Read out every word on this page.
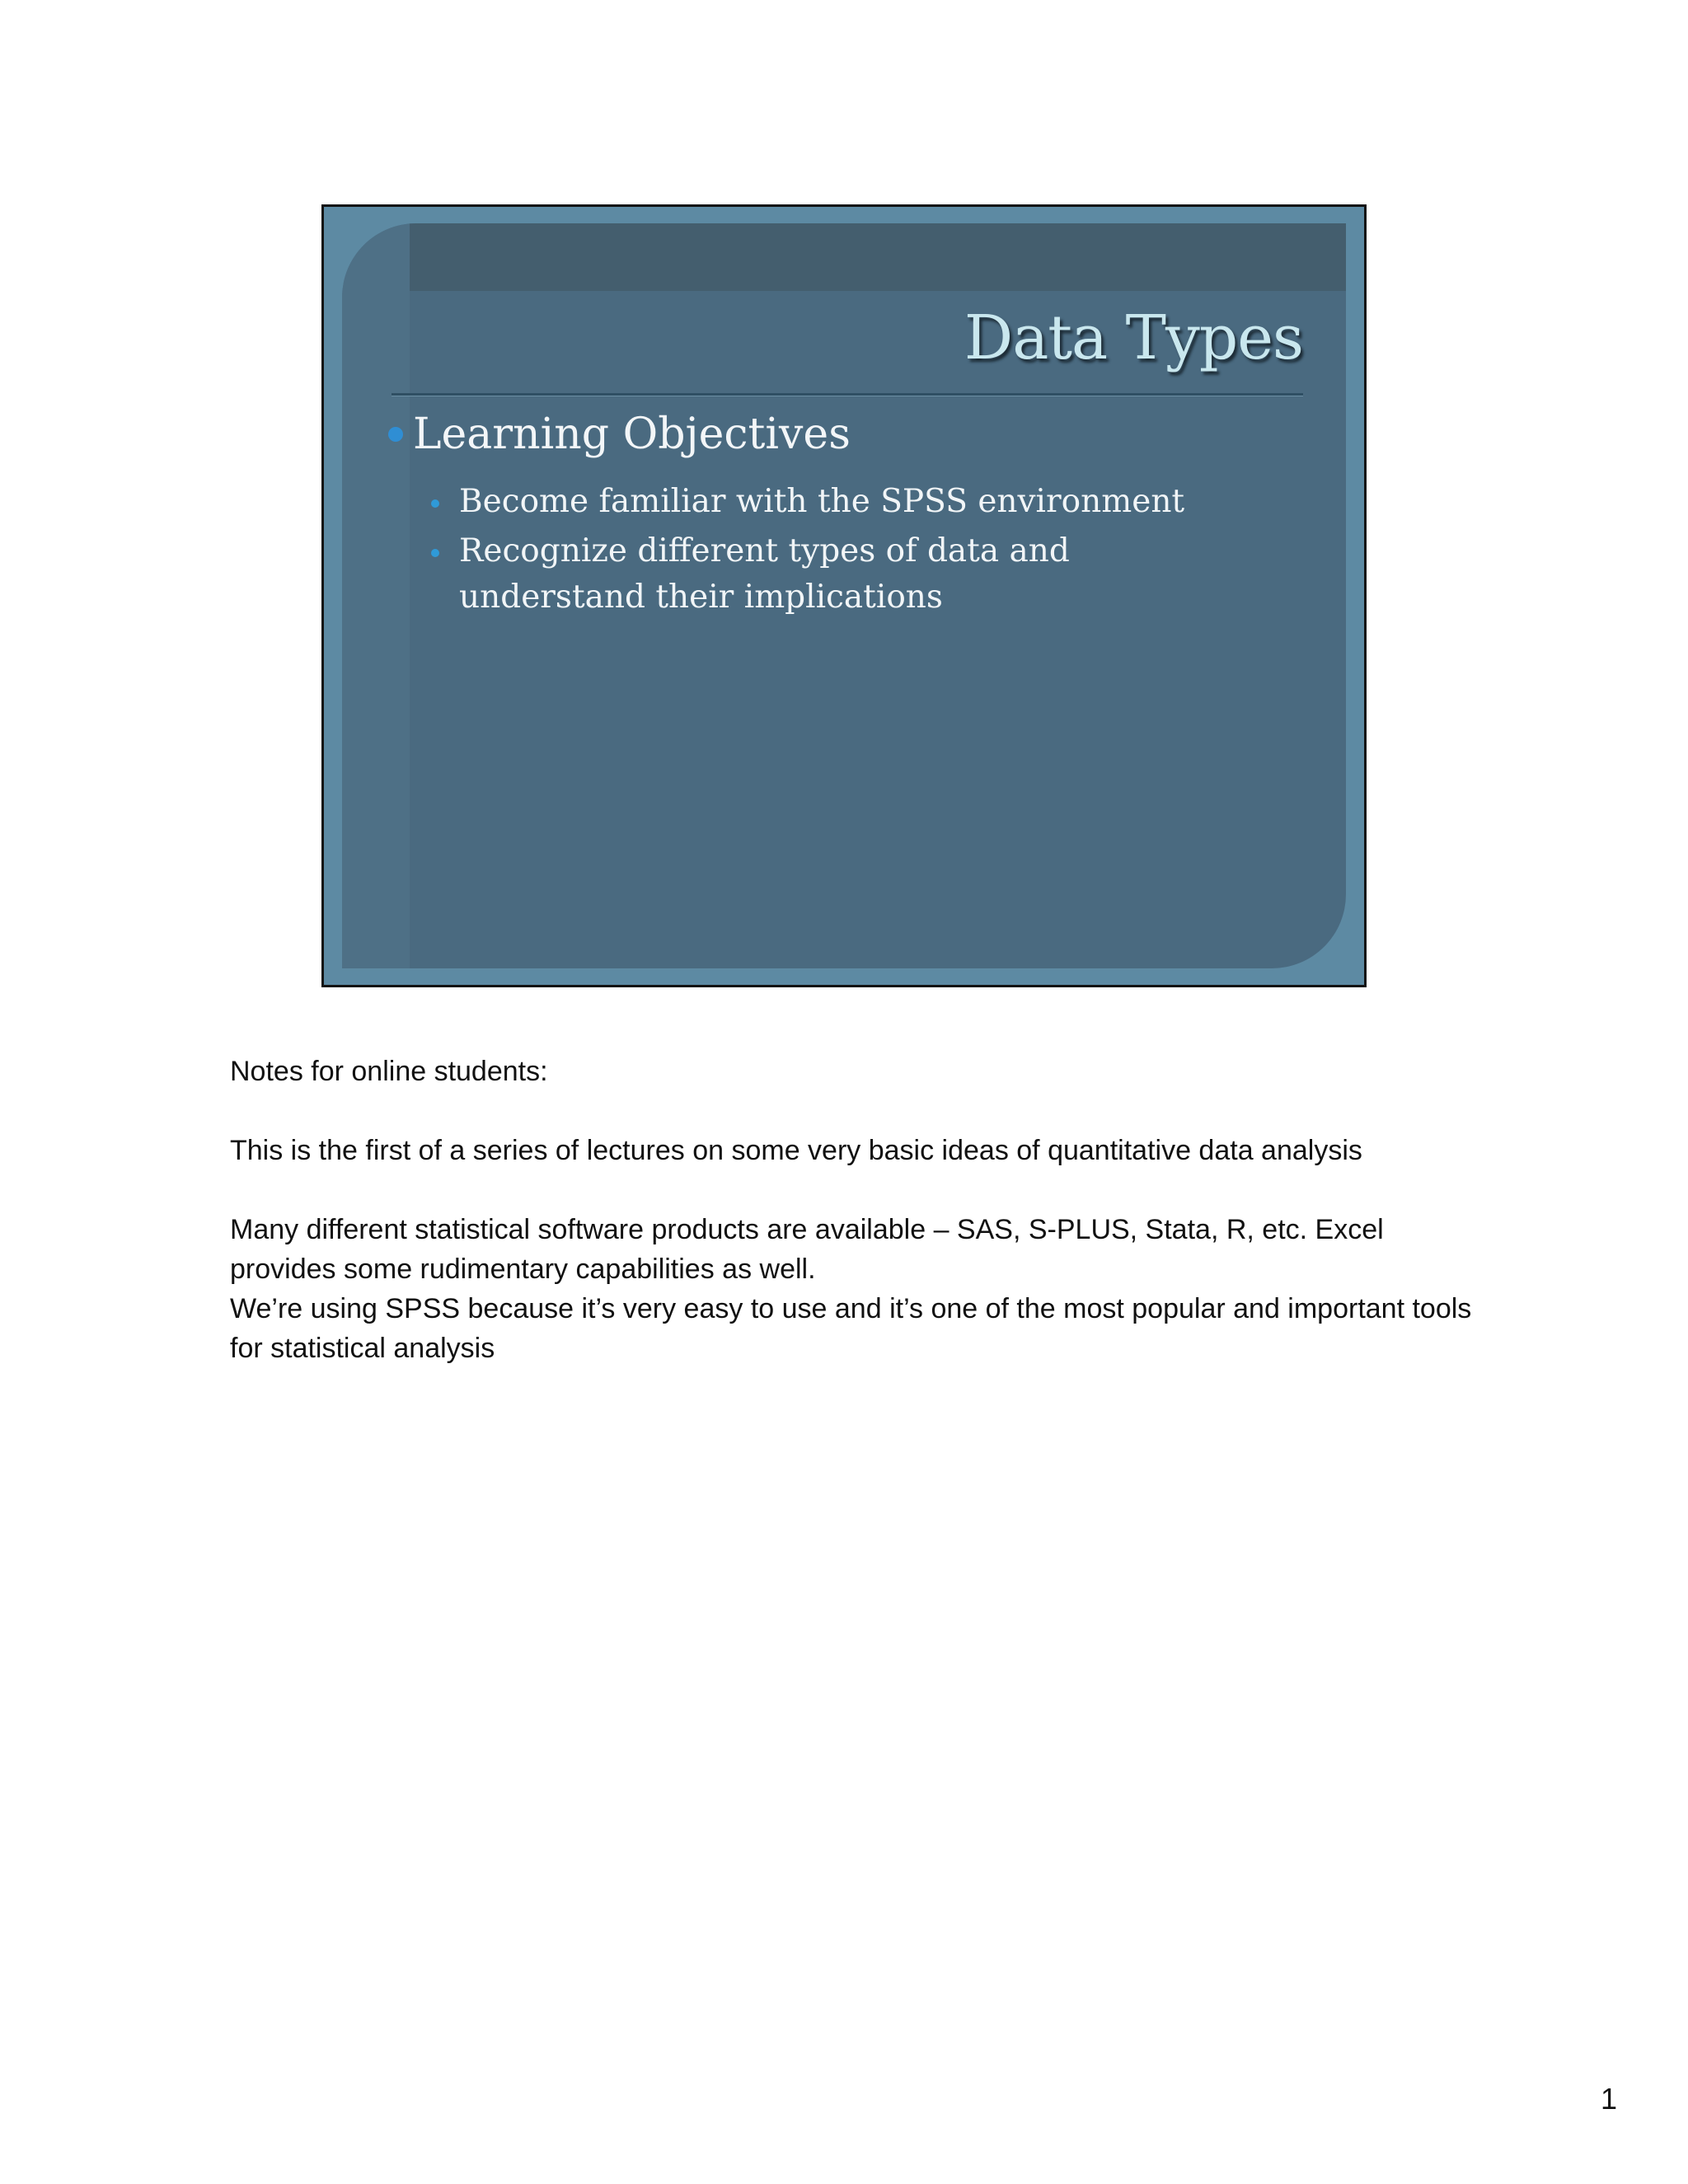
Data Types
Learning Objectives
Become familiar with the SPSS environment
Recognize different types of data and understand their implications

Notes for online students:

This is the first of a series of lectures on some very basic ideas of quantitative data analysis

Many different statistical software products are available – SAS, S-PLUS, Stata, R, etc. Excel provides some rudimentary capabilities as well.

We’re using SPSS because it’s very easy to use and it’s one of the most popular and important tools for statistical analysis

1
